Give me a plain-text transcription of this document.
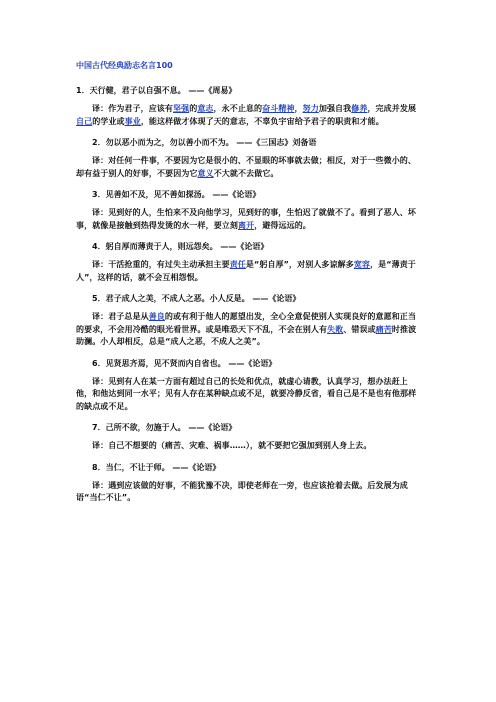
中国古代经典励志名言100
1．天行健，君子以自强不息。 ——《周易》
译：作为君子，应该有坚强的意志，永不止息的奋斗精神，努力加强自我修养，完成并发展自己的学业或事业，能这样做才体现了天的意志，不辜负宇宙给予君子的职责和才能。
2．勿以恶小而为之，勿以善小而不为。 ——《三国志》刘备语
译：对任何一件事，不要因为它是很小的、不显眼的坏事就去做；相反，对于一些微小的、却有益于别人的好事，不要因为它意义不大就不去做它。
3．见善如不及，见不善如探汤。 ——《论语》
译：见到好的人，生怕来不及向他学习，见到好的事，生怕迟了就做不了。看到了恶人、坏事，就像是接触到热得发烫的水一样，要立刻离开，避得远远的。
4．躬自厚而薄责于人，则远怨矣。 ——《论语》
译：干活抢重的，有过失主动承担主要责任是“躬自厚”，对别人多谅解多宽容，是“薄责于人”，这样的话，就不会互相怨恨。
5．君子成人之美，不成人之恶。小人反是。 ——《论语》
译：君子总是从善良的或有利于他人的愿望出发，全心全意促使别人实现良好的意愿和正当的要求，不会用冷酷的眼光看世界。或是唯恐天下不乱，不会在别人有失败、错误或痛苦时推波助澜。小人却相反，总是“成人之恶，不成人之美”。
6．见贤思齐焉，见不贤而内自省也。 ——《论语》
译：见到有人在某一方面有超过自己的长处和优点，就虚心请教，认真学习，想办法赶上他，和他达到同一水平；见有人存在某种缺点或不足，就要冷静反省，看自己是不是也有他那样的缺点或不足。
7．己所不欲，勿施于人。 ——《论语》
译：自己不想要的（痛苦、灾难、祸事……），就不要把它强加到别人身上去。
8．当仁，不让于师。 ——《论语》
译：遇到应该做的好事，不能犹豫不决，即使老师在一旁，也应该抢着去做。后发展为成语“当仁不让”。
